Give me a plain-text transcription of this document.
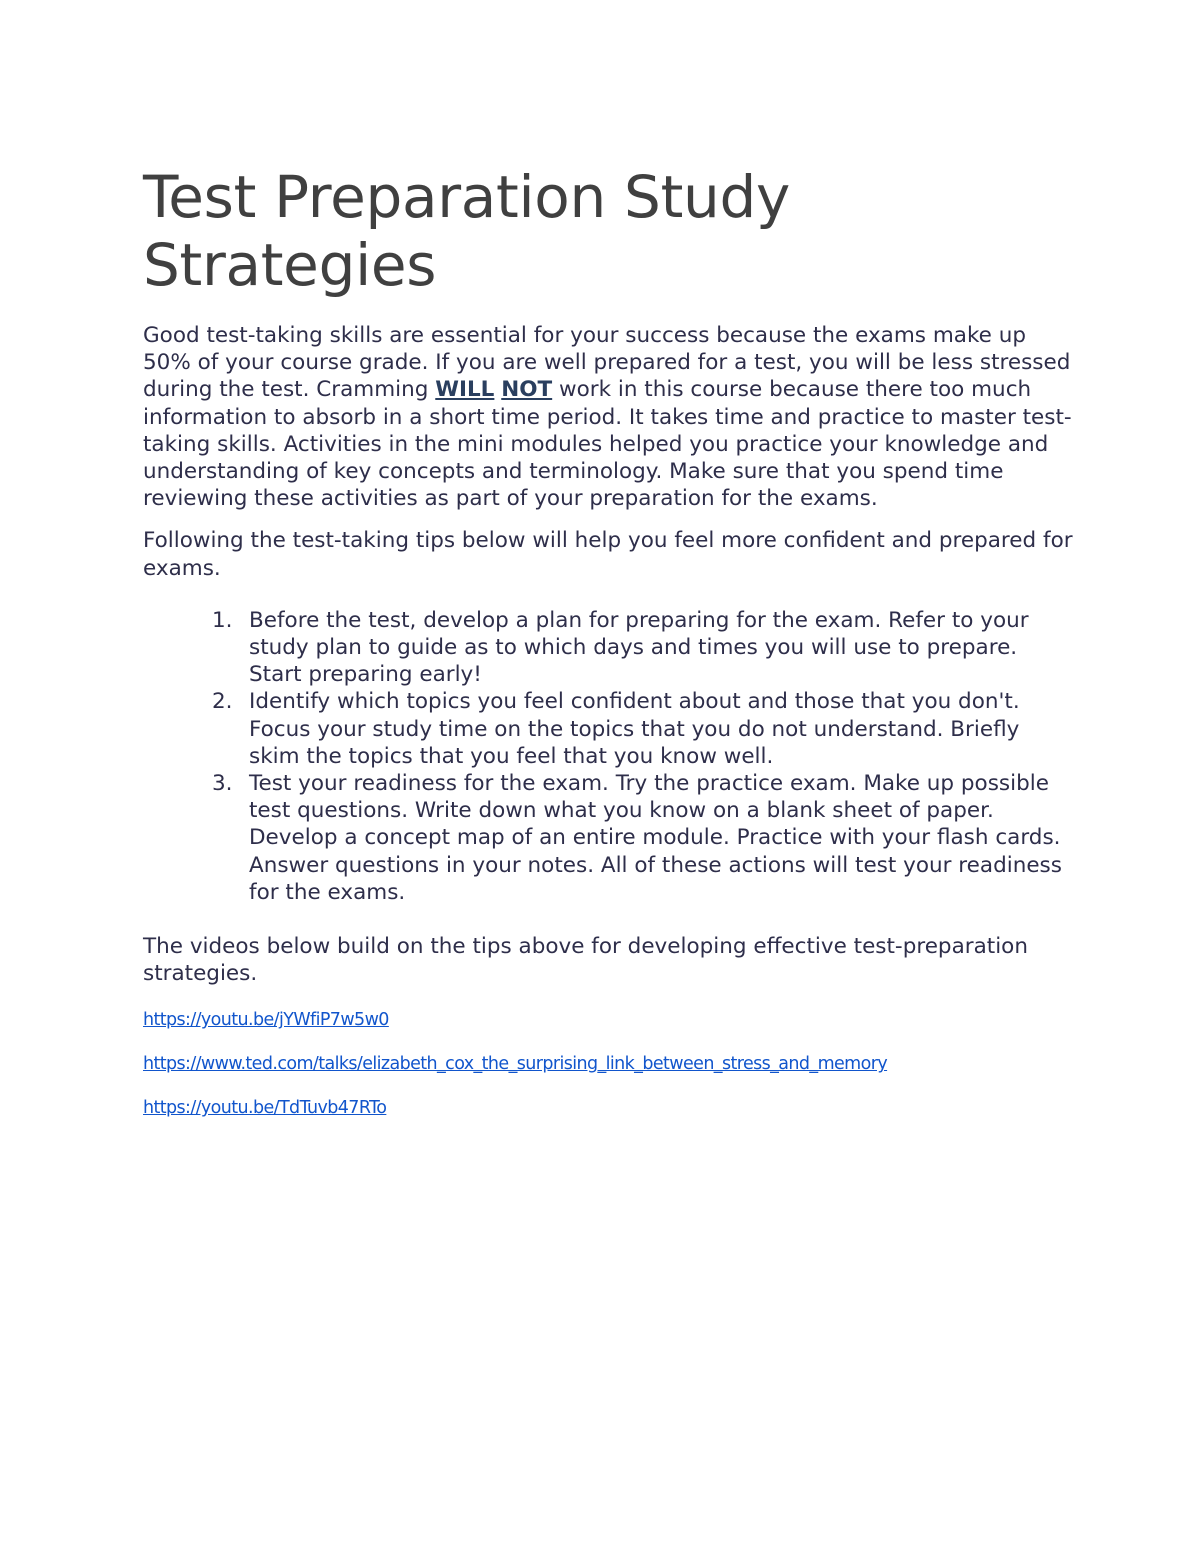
Test Preparation Study Strategies

Good test-taking skills are essential for your success because the exams make up 50% of your course grade. If you are well prepared for a test, you will be less stressed during the test. Cramming WILL NOT work in this course because there too much information to absorb in a short time period. It takes time and practice to master test-taking skills. Activities in the mini modules helped you practice your knowledge and understanding of key concepts and terminology. Make sure that you spend time reviewing these activities as part of your preparation for the exams.

Following the test-taking tips below will help you feel more confident and prepared for exams.

1. Before the test, develop a plan for preparing for the exam. Refer to your study plan to guide as to which days and times you will use to prepare. Start preparing early!
2. Identify which topics you feel confident about and those that you don't. Focus your study time on the topics that you do not understand. Briefly skim the topics that you feel that you know well.
3. Test your readiness for the exam. Try the practice exam. Make up possible test questions. Write down what you know on a blank sheet of paper. Develop a concept map of an entire module. Practice with your flash cards. Answer questions in your notes. All of these actions will test your readiness for the exams.

The videos below build on the tips above for developing effective test-preparation strategies.

https://youtu.be/jYWfiP7w5w0
https://www.ted.com/talks/elizabeth_cox_the_surprising_link_between_stress_and_memory
https://youtu.be/TdTuvb47RTo
